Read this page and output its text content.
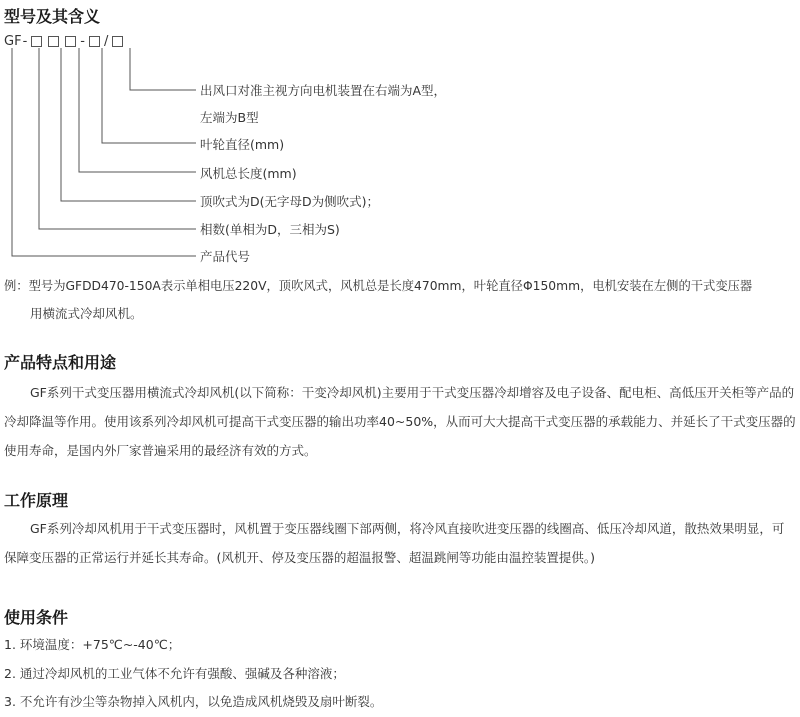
型号及其含义
GF -	- /
出风口对准主视方向电机装置在右端为A型，
左端为B型
叶轮直径(mm)
风机总长度(mm)
顶吹式为D(无字母D为侧吹式)；
相数(单相为D，三相为S)
产品代号
例：型号为GFDD470-150A表示单相电压220V，顶吹风式，风机总是长度470mm，叶轮直径Φ150mm，电机安装在左侧的干式变压器
用横流式冷却风机。
产品特点和用途

GF系列干式变压器用横流式冷却风机(以下简称：干变冷却风机)主要用于干式变压器冷却增容及电子设备、配电柜、高低压开关柜等产品的冷却降温等作用。使用该系列冷却风机可提高干式变压器的输出功率40~50%，从而可大大提高干式变压器的承载能力、并延长了干式变压器的使用寿命，是国内外厂家普遍采用的最经济有效的方式。

工作原理

GF系列冷却风机用于干式变压器时，风机置于变压器线圈下部两侧，将冷风直接吹进变压器的线圈高、低压冷却风道，散热效果明显，可保障变压器的正常运行并延长其寿命。(风机开、停及变压器的超温报警、超温跳闸等功能由温控装置提供。)

使用条件
1. 环境温度：+75℃~-40℃；
2. 通过冷却风机的工业气体不允许有强酸、强碱及各种溶液；
3. 不允许有沙尘等杂物掉入风机内，以免造成风机烧毁及扇叶断裂。
